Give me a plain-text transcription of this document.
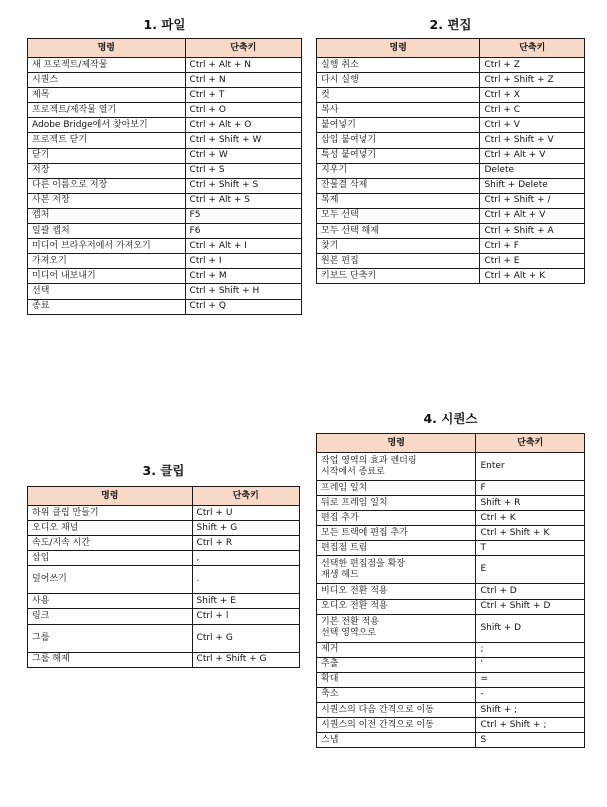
1. 파일
명령	단축키

새 프로젝트/제작물	Ctrl + Alt + N

시퀀스	Ctrl + N

제목	Ctrl + T

프로젝트/제작물 열기	Ctrl + O

Adobe Bridge에서 찾아보기	Ctrl + Alt + O

프로젝트 닫기	Ctrl + Shift + W

닫기	Ctrl + W

저장	Ctrl + S

다른 이름으로 저장	Ctrl + Shift + S

사본 저장	Ctrl + Alt + S

캡처	F5

일괄 캡처	F6

미디어 브라우저에서 가져오기	Ctrl + Alt + I

가져오기	Ctrl + I

미디어 내보내기	Ctrl + M

선택	Ctrl + Shift + H

종료	Ctrl + Q
2. 편집
명령	단축키

실행 취소	Ctrl + Z

다시 실행	Ctrl + Shift + Z

컷	Ctrl + X

복사	Ctrl + C

붙여넣기	Ctrl + V

삽입 붙여넣기	Ctrl + Shift + V

특성 붙여넣기	Ctrl + Alt + V

지우기	Delete

잔물결 삭제	Shift + Delete

복제	Ctrl + Shift + /

모두 선택	Ctrl + Alt + V

모두 선택 해제	Ctrl + Shift + A

찾기	Ctrl + F

원본 편집	Ctrl + E

키보드 단축키	Ctrl + Alt + K
3. 클립
명령	단축키

하위 클립 만들기	Ctrl + U

오디오 채널	Shift + G

속도/지속 시간	Ctrl + R

삽입	,

덮어쓰기	.

사용	Shift + E

링크	Ctrl + l

그룹	Ctrl + G

그룹 해제	Ctrl + Shift + G
4. 시퀀스
명령	단축키

작업 영역의 효과 렌더링
시작에서 종료로	Enter

프레임 일치	F

뒤로 프레임 일치	Shift + R

편집 추가	Ctrl + K

모든 트랙에 편집 추가	Ctrl + Shift + K

편집점 트림	T

선택한 편집점을 확장
재생 헤드	E

비디오 전환 적용	Ctrl + D

오디오 전환 적용	Ctrl + Shift + D

기본 전환 적용
선택 영역으로	Shift + D

제거	;

추출	'

확대	=

축소	-

시퀀스의 다음 간격으로 이동	Shift + ;

시퀀스의 이전 간격으로 이동	Ctrl + Shift + ;

스냅	S
